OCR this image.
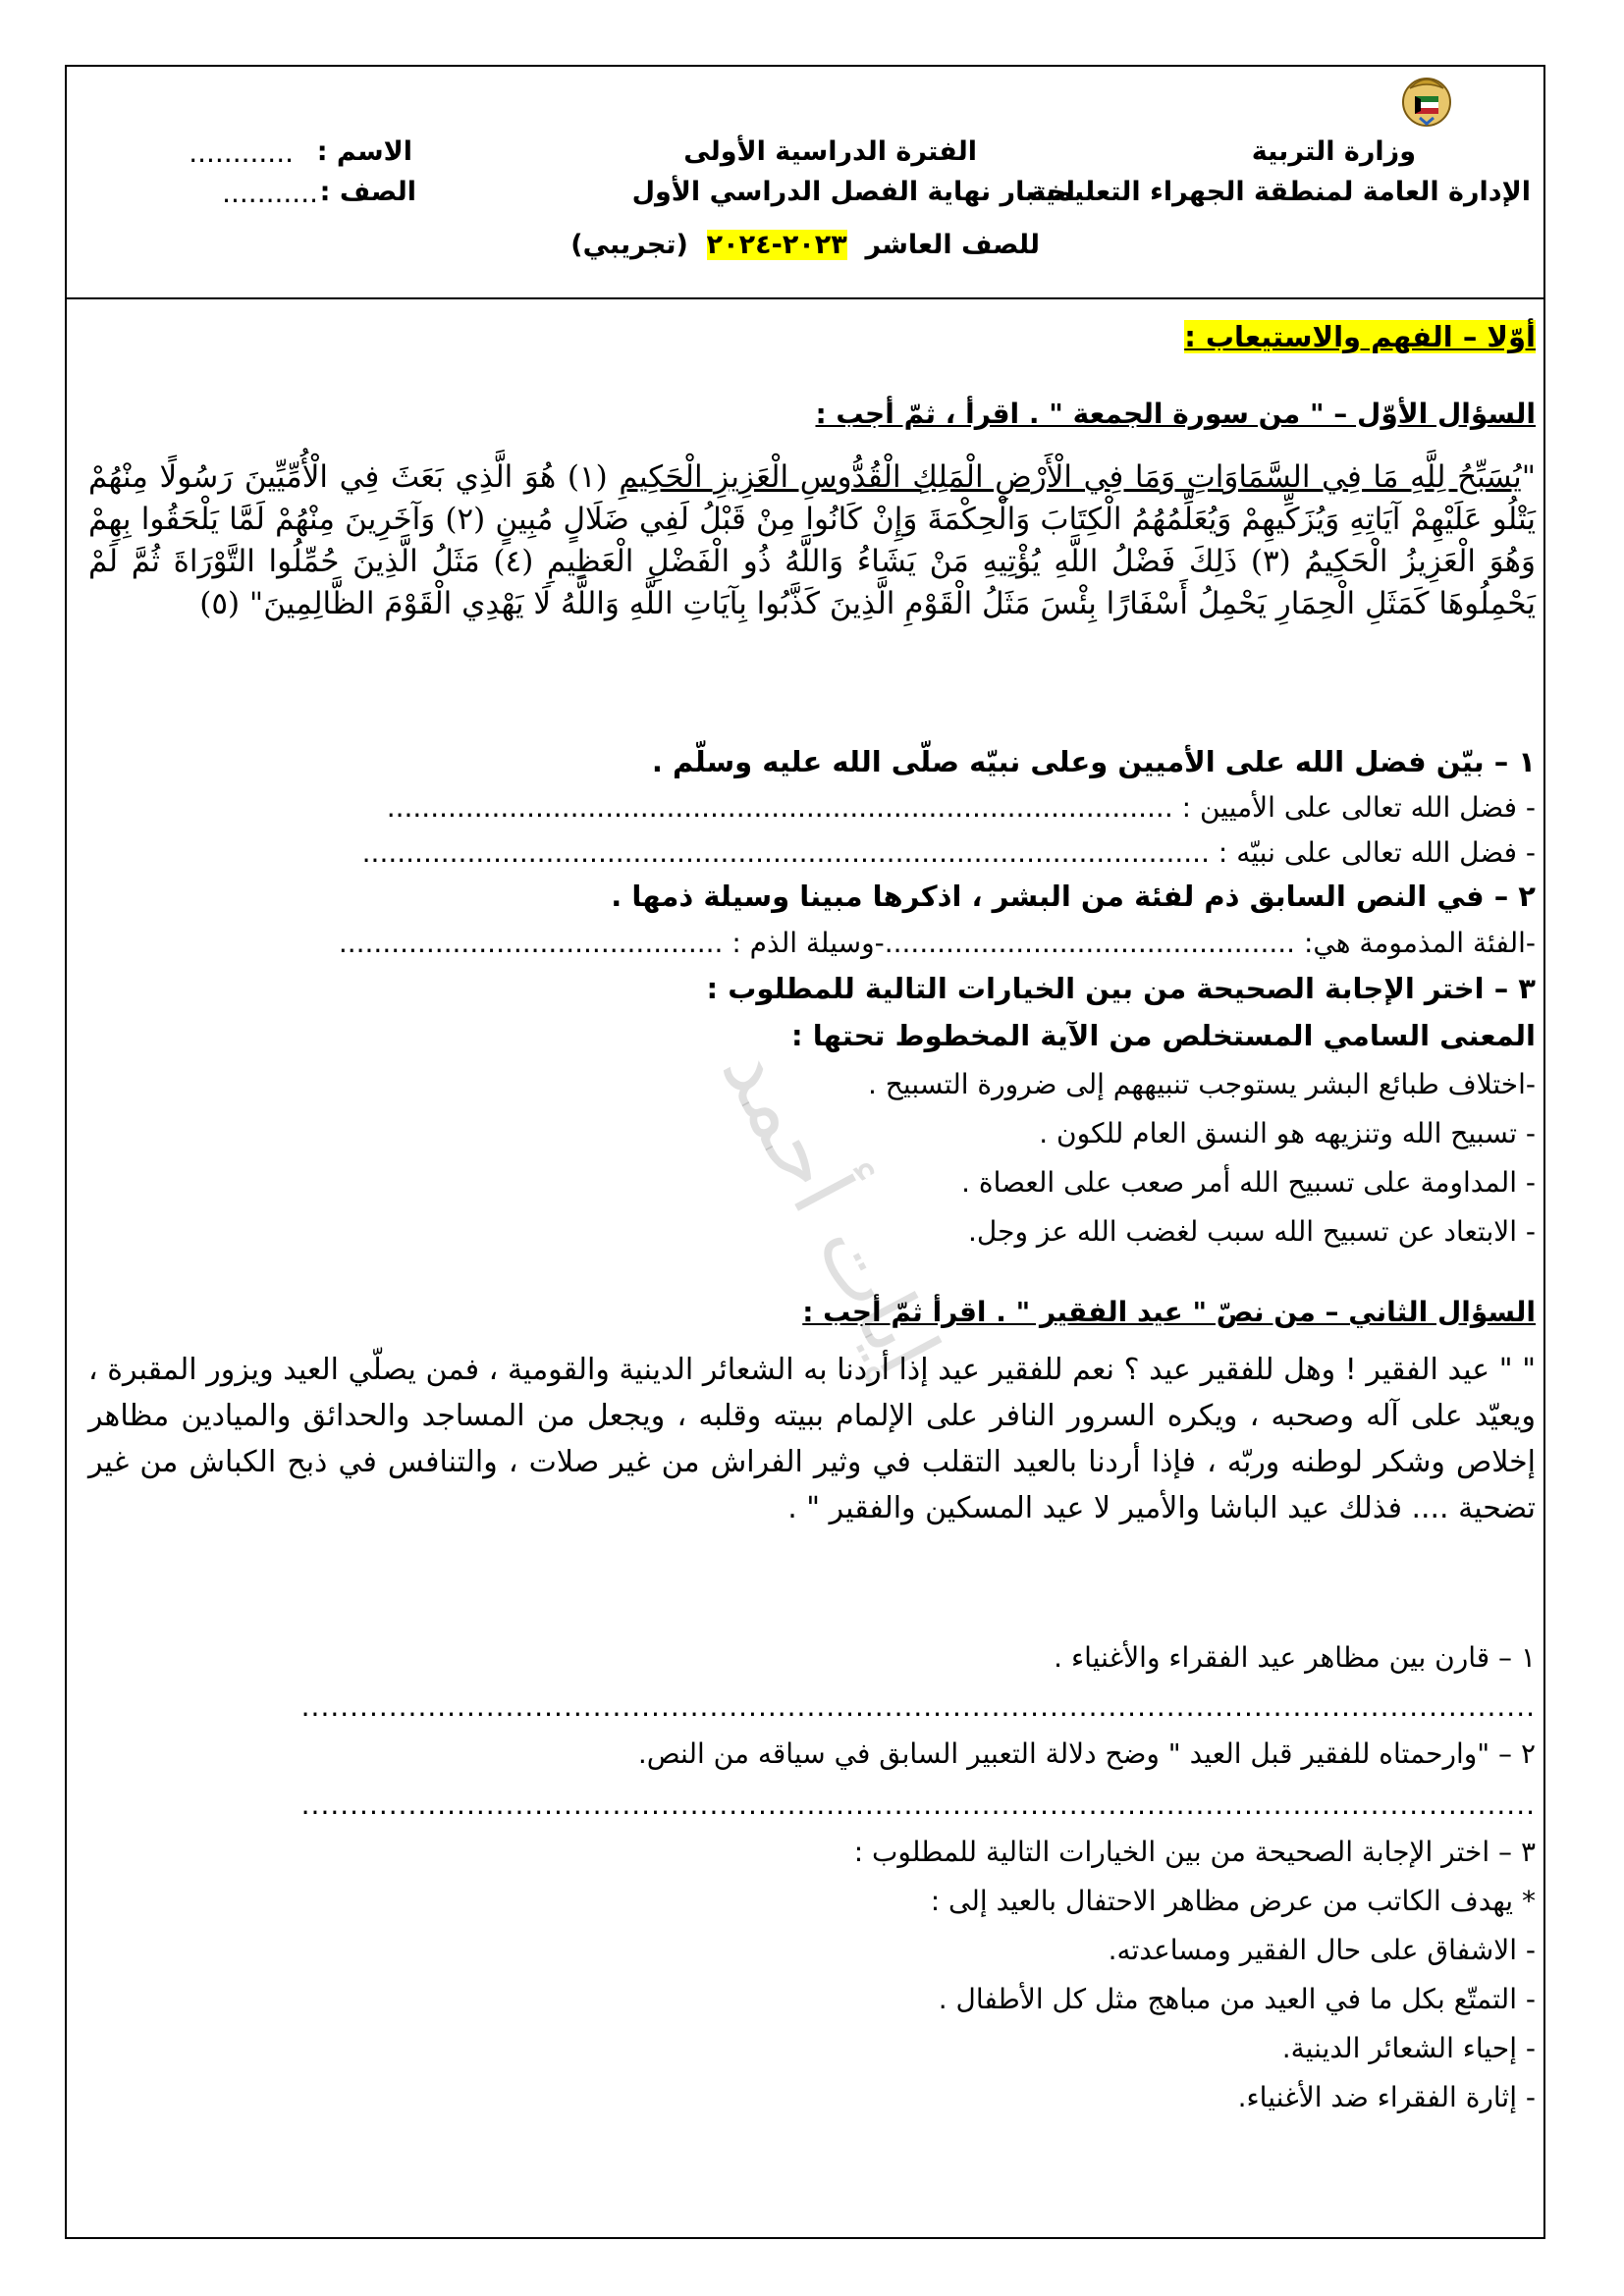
وزارة التربية
الإدارة العامة لمنطقة الجهراء التعليمية
الفترة الدراسية الأولى
اختبار نهاية الفصل الدراسي الأول
للصف العاشر  ٢٠٢٣-٢٠٢٤  (تجريبي)
الاسم :
............
الصف :
...........
أوّلا – الفهم والاستيعاب :
السؤال الأوّل – " من سورة الجمعة " . اقرأ ، ثمّ أجب :
"يُسَبِّحُ لِلَّهِ مَا فِي السَّمَاوَاتِ وَمَا فِي الْأَرْضِ الْمَلِكِ الْقُدُّوسِ الْعَزِيزِ الْحَكِيمِ (١) هُوَ الَّذِي بَعَثَ فِي الْأُمِّيِّينَ رَسُولًا مِنْهُمْ يَتْلُو عَلَيْهِمْ آيَاتِهِ وَيُزَكِّيهِمْ وَيُعَلِّمُهُمُ الْكِتَابَ وَالْحِكْمَةَ وَإِنْ كَانُوا مِنْ قَبْلُ لَفِي ضَلَالٍ مُبِينٍ (٢) وَآخَرِينَ مِنْهُمْ لَمَّا يَلْحَقُوا بِهِمْ وَهُوَ الْعَزِيزُ الْحَكِيمُ (٣) ذَلِكَ فَضْلُ اللَّهِ يُؤْتِيهِ مَنْ يَشَاءُ وَاللَّهُ ذُو الْفَضْلِ الْعَظِيمِ (٤) مَثَلُ الَّذِينَ حُمِّلُوا التَّوْرَاةَ ثُمَّ لَمْ يَحْمِلُوهَا كَمَثَلِ الْحِمَارِ يَحْمِلُ أَسْفَارًا بِئْسَ مَثَلُ الْقَوْمِ الَّذِينَ كَذَّبُوا بِآيَاتِ اللَّهِ وَاللَّهُ لَا يَهْدِي الْقَوْمَ الظَّالِمِينَ" (٥)
١ – بيّن فضل الله على الأميين وعلى نبيّه صلّى الله عليه وسلّم .
- فضل الله تعالى على الأميين : ..........................................................................................
- فضل الله تعالى على نبيّه : .................................................................................................
٢ – في النص السابق ذم لفئة من البشر ، اذكرها مبينا وسيلة ذمها .
-الفئة المذمومة هي: ...............................................-وسيلة الذم : ............................................
٣ – اختر الإجابة الصحيحة من بين الخيارات التالية للمطلوب :
المعنى السامي المستخلص من الآية المخطوط تحتها :
-اختلاف طبائع البشر يستوجب تنبيههم إلى ضرورة التسبيح .
- تسبيح الله وتنزيهه هو النسق العام للكون .
- المداومة على تسبيح الله أمر صعب على العصاة .
- الابتعاد عن تسبيح الله سبب لغضب الله عز وجل.
إيات أحمد
السؤال الثاني – من نصّ " عيد الفقير " . اقرأ ثمّ أجب :
" " عيد الفقير ! وهل للفقير عيد ؟ نعم للفقير عيد إذا أردنا به الشعائر الدينية والقومية ، فمن يصلّي العيد ويزور المقبرة ، ويعيّد على آله وصحبه ، ويكره السرور النافر على الإلمام ببيته وقلبه ، ويجعل من المساجد والحدائق والميادين مظاهر إخلاص وشكر لوطنه وربّه ، فإذا أردنا بالعيد التقلب في وثير الفراش من غير صلات ، والتنافس في ذبح الكباش من غير تضحية .... فذلك عيد الباشا والأمير لا عيد المسكين والفقير " .
١ – قارن بين مظاهر عيد الفقراء والأغنياء .
...............................................................................................................................
٢ – "وارحمتاه للفقير قبل العيد " وضح دلالة التعبير السابق في سياقه من النص.
...............................................................................................................................
٣ – اختر الإجابة الصحيحة من بين الخيارات التالية للمطلوب :
* يهدف الكاتب من عرض مظاهر الاحتفال بالعيد إلى :
- الاشفاق على حال الفقير ومساعدته.
- التمتّع بكل ما في العيد من مباهج مثل كل الأطفال .
- إحياء الشعائر الدينية.
- إثارة الفقراء ضد الأغنياء.
